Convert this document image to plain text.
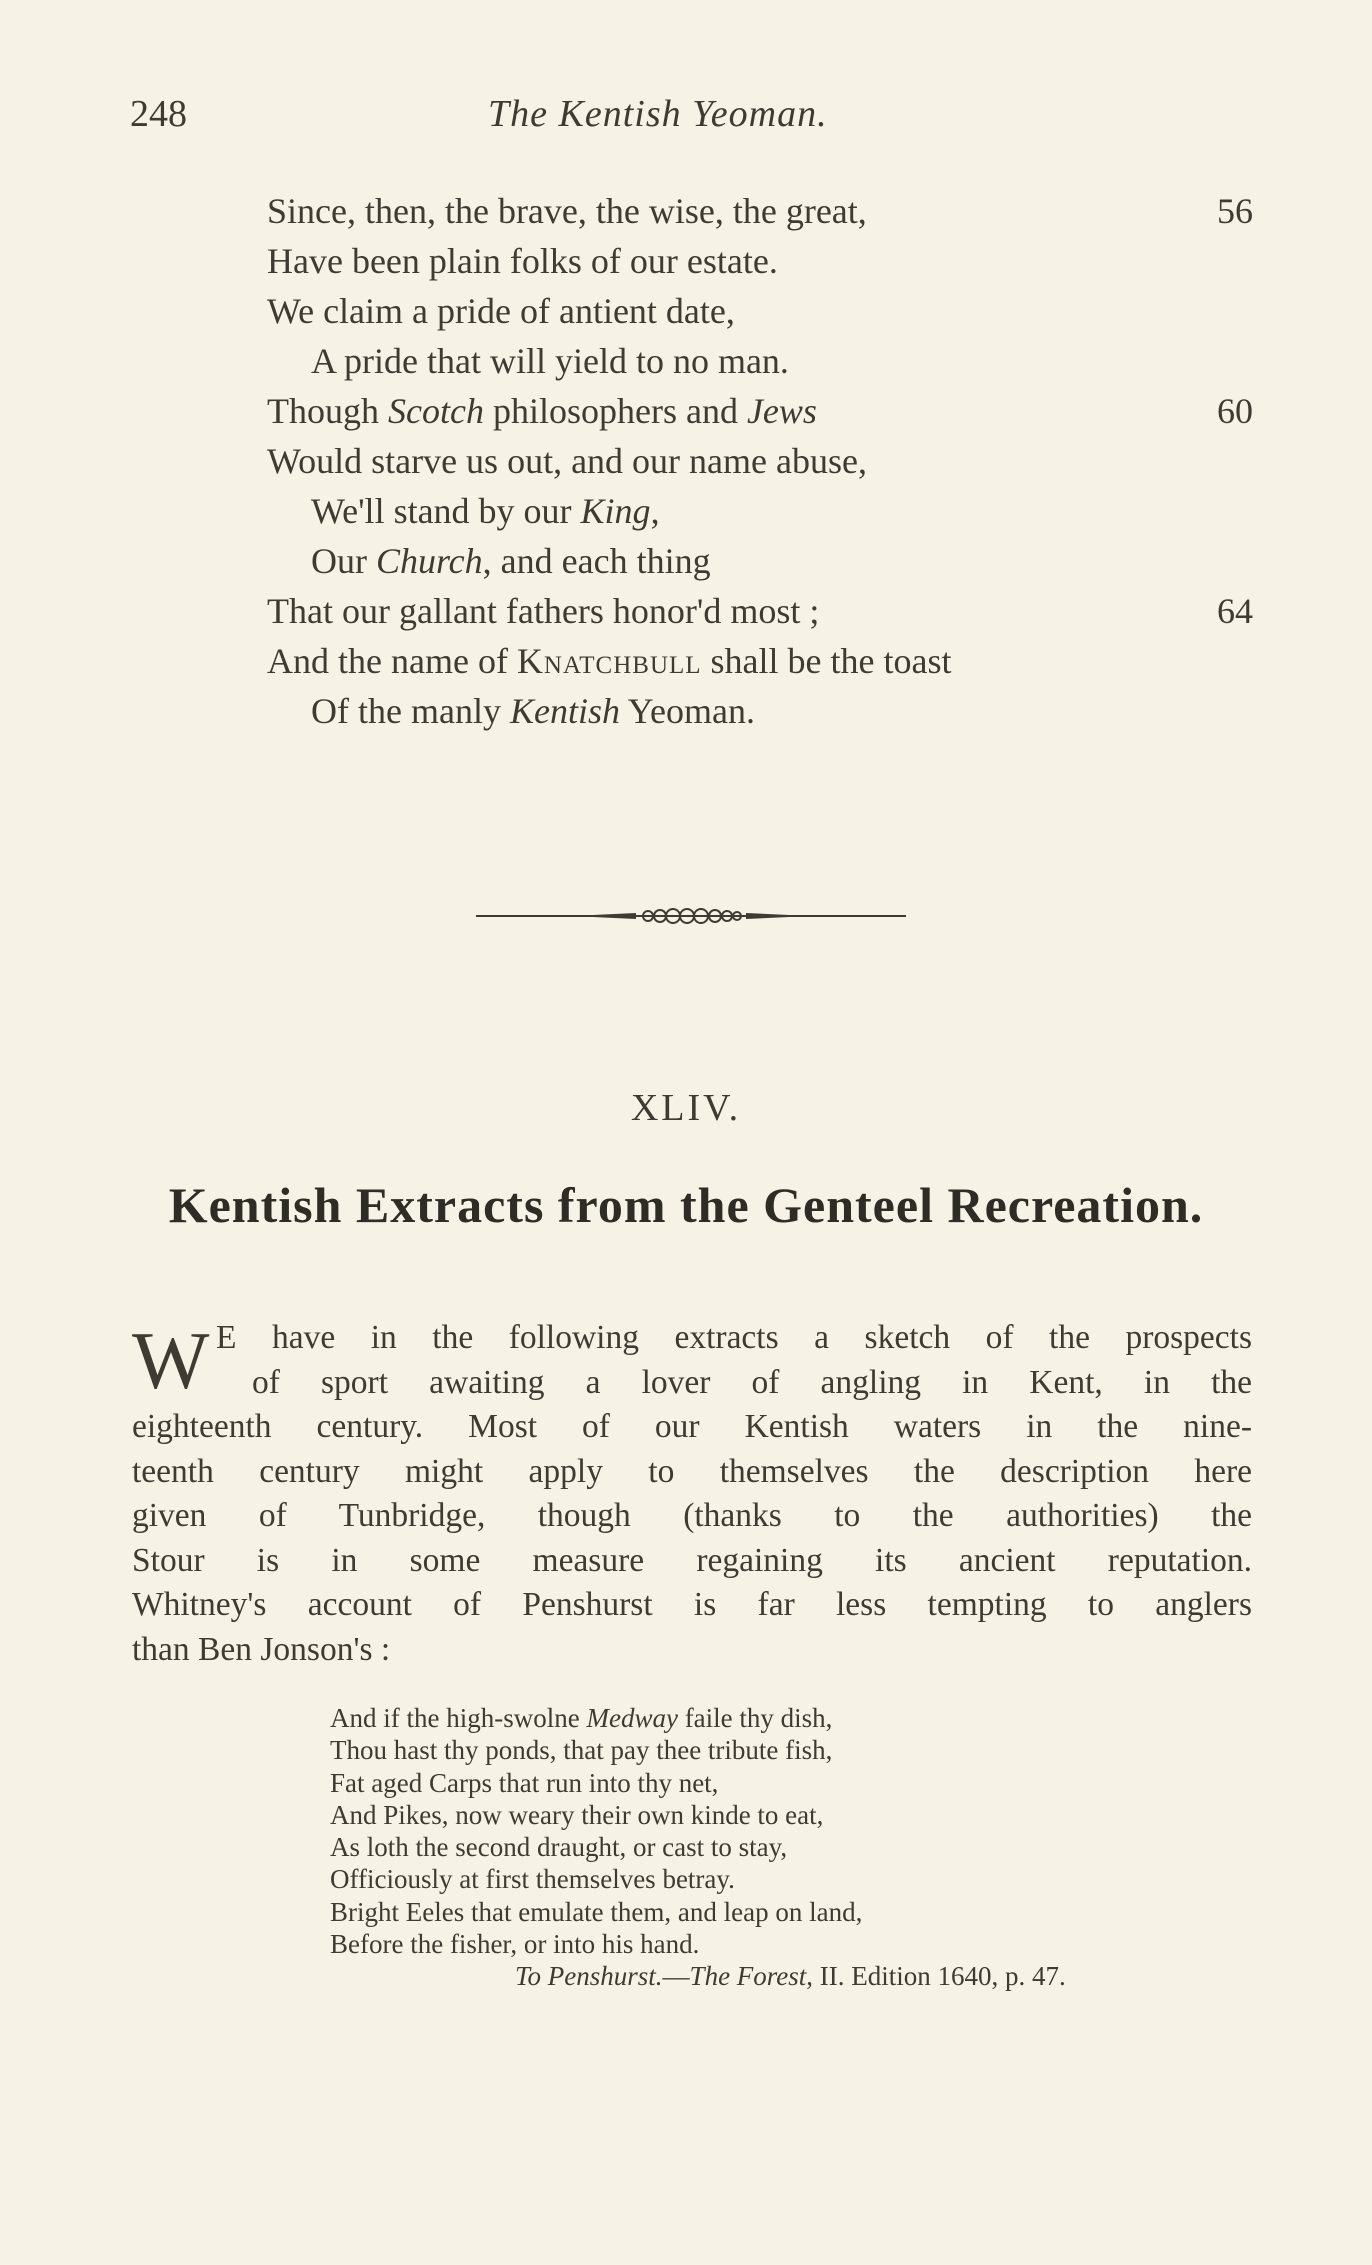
248	The Kentish Yeoman.
Since, then, the brave, the wise, the great,	56
Have been plain folks of our estate.
We claim a pride of antient date,
A pride that will yield to no man.
Though Scotch philosophers and Jews	60
Would starve us out, and our name abuse,
We'll stand by our King,
Our Church, and each thing
That our gallant fathers honor'd most ;	64
And the name of Knatchbull shall be the toast
Of the manly Kentish Yeoman.
XLIV.
Kentish Extracts from the Genteel Recreation.
W E have in the following extracts a sketch of the prospects
of sport awaiting a lover of angling in Kent, in the
eighteenth century. Most of our Kentish waters in the nine-
teenth century might apply to themselves the description here
given of Tunbridge, though (thanks to the authorities) the
Stour is in some measure regaining its ancient reputation.
Whitney's account of Penshurst is far less tempting to anglers
than Ben Jonson's :
And if the high-swolne Medway faile thy dish,
Thou hast thy ponds, that pay thee tribute fish,
Fat aged Carps that run into thy net,
And Pikes, now weary their own kinde to eat,
As loth the second draught, or cast to stay,
Officiously at first themselves betray.
Bright Eeles that emulate them, and leap on land,
Before the fisher, or into his hand.
To Penshurst.—The Forest, II. Edition 1640, p. 47.
